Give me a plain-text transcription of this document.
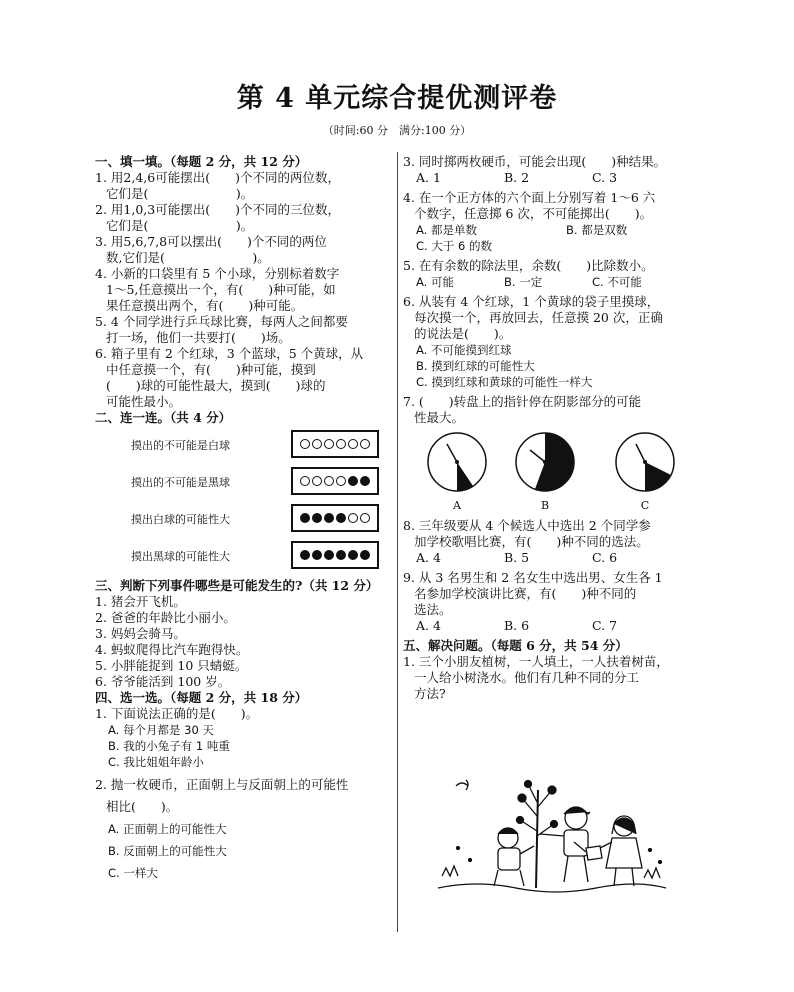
第 4 单元综合提优测评卷
（时间:60 分　满分:100 分）

一、填一填。（每题 2 分，共 12 分）

1. 用2,4,6可能摆出(　　)个不同的两位数，
它们是(　　　　　　　)。

2. 用1,0,3可能摆出(　　)个不同的三位数，
它们是(　　　　　　　)。

3. 用5,6,7,8可以摆出(　　)个不同的两位
数,它们是(　　　　　　　)。

4. 小新的口袋里有 5 个小球，分别标着数字
1～5,任意摸出一个，有(　　)种可能，如
果任意摸出两个，有(　　)种可能。

5. 4 个同学进行乒乓球比赛，每两人之间都要
打一场，他们一共要打(　　)场。

6. 箱子里有 2 个红球，3 个蓝球，5 个黄球，从
中任意摸一个，有(　　)种可能，摸到
(　　)球的可能性最大，摸到(　　)球的
可能性最小。

二、连一连。（共 4 分）

摸出的不可能是白球
摸出的不可能是黑球
摸出白球的可能性大
摸出黑球的可能性大

三、判断下列事件哪些是可能发生的?（共 12 分）

1. 猪会开飞机。

2. 爸爸的年龄比小丽小。

3. 妈妈会骑马。

4. 蚂蚁爬得比汽车跑得快。

5. 小胖能捉到 10 只蜻蜓。

6. 爷爷能活到 100 岁。

四、选一选。（每题 2 分，共 18 分）

1. 下面说法正确的是(　　)。

A. 每个月都是 30 天

B. 我的小兔子有 1 吨重

C. 我比姐姐年龄小

2. 抛一枚硬币，正面朝上与反面朝上的可能性
相比(　　)。

A. 正面朝上的可能性大

B. 反面朝上的可能性大

C. 一样大

3. 同时掷两枚硬币，可能会出现(　　)种结果。

A. 1	B. 2	C. 3

4. 在一个正方体的六个面上分别写着 1～6 六
个数字，任意掷 6 次，不可能掷出(　　)。

A. 都是单数	B. 都是双数

C. 大于 6 的数

5. 在有余数的除法里，余数(　　)比除数小。

A. 可能	B. 一定	C. 不可能

6. 从装有 4 个红球，1 个黄球的袋子里摸球，
每次摸一个，再放回去，任意摸 20 次，正确
的说法是(　　)。

A. 不可能摸到红球

B. 摸到红球的可能性大

C. 摸到红球和黄球的可能性一样大

7. (　　)转盘上的指针停在阴影部分的可能
性最大。

A	B	C

8. 三年级要从 4 个候选人中选出 2 个同学参
加学校歌唱比赛，有(　　)种不同的选法。

A. 4	B. 5	C. 6

9. 从 3 名男生和 2 名女生中选出男、女生各 1
名参加学校演讲比赛，有(　　)种不同的
选法。

A. 4	B. 6	C. 7

五、解决问题。（每题 6 分，共 54 分）

1. 三个小朋友植树，一人填土，一人扶着树苗，
一人给小树浇水。他们有几种不同的分工
方法?
